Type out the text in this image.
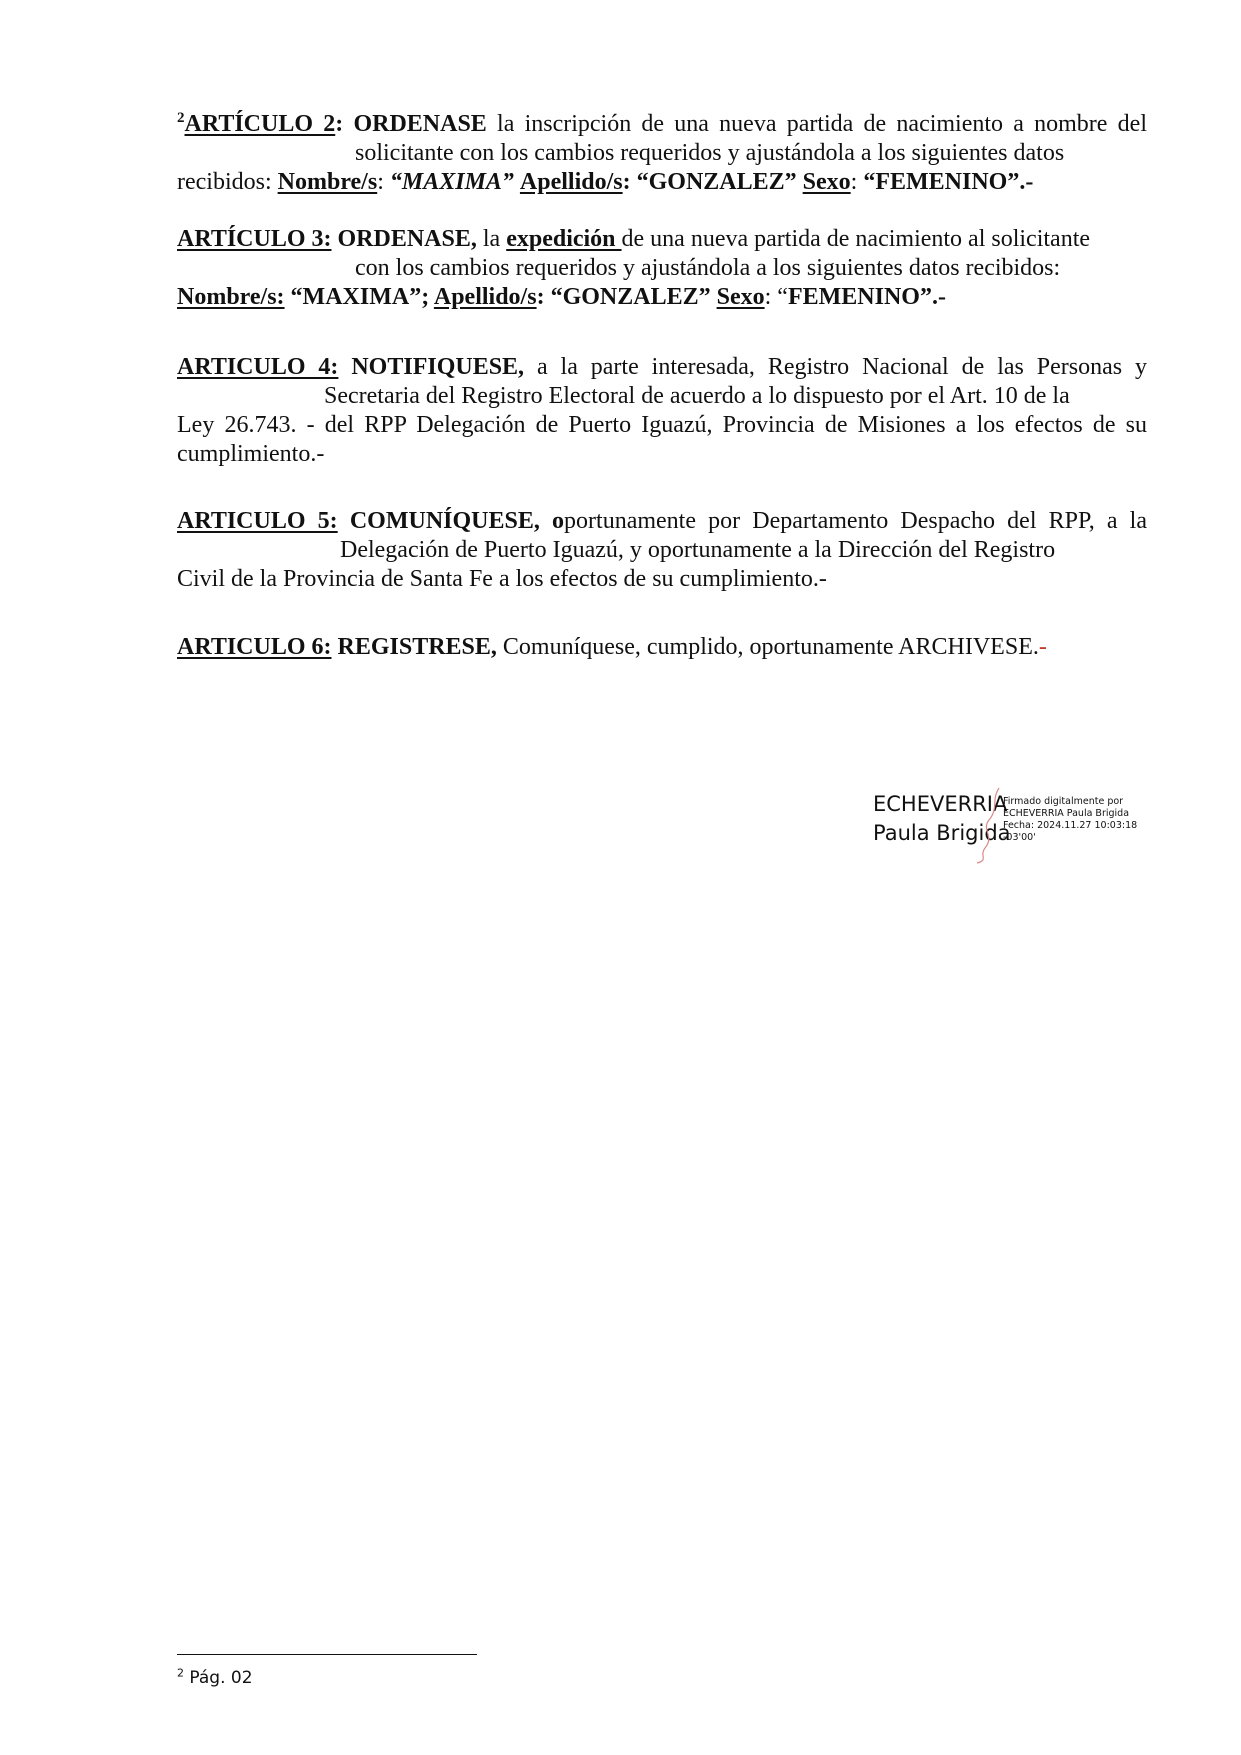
$^2$ARTÍCULO 2: ORDENASE la inscripción de una nueva partida de nacimiento a nombre del
solicitante con los cambios requeridos y ajustándola a los siguientes datos
recibidos: Nombre/s: “MAXIMA” Apellido/s: “GONZALEZ” Sexo: “FEMENINO”.-

ARTÍCULO 3: ORDENASE, la expedición de una nueva partida de nacimiento al solicitante
con los cambios requeridos y ajustándola a los siguientes datos recibidos:
Nombre/s: “MAXIMA”; Apellido/s: “GONZALEZ” Sexo: “FEMENINO”.-

ARTICULO 4: NOTIFIQUESE, a la parte interesada, Registro Nacional de las Personas y
Secretaria del Registro Electoral de acuerdo a lo dispuesto por el Art. 10 de la
Ley 26.743. - del RPP Delegación de Puerto Iguazú, Provincia de Misiones a los efectos de su
cumplimiento.-

ARTICULO 5: COMUNÍQUESE, oportunamente por Departamento Despacho del RPP, a la
Delegación de Puerto Iguazú, y oportunamente a la Dirección del Registro
Civil de la Provincia de Santa Fe a los efectos de su cumplimiento.-

ARTICULO 6: REGISTRESE, Comuníquese, cumplido, oportunamente ARCHIVESE.-

ECHEVERRIA
Paula Brigida
Firmado digitalmente por
ECHEVERRIA Paula Brigida
Fecha: 2024.11.27 10:03:18
-03'00'
$^2$ Pág. 02
